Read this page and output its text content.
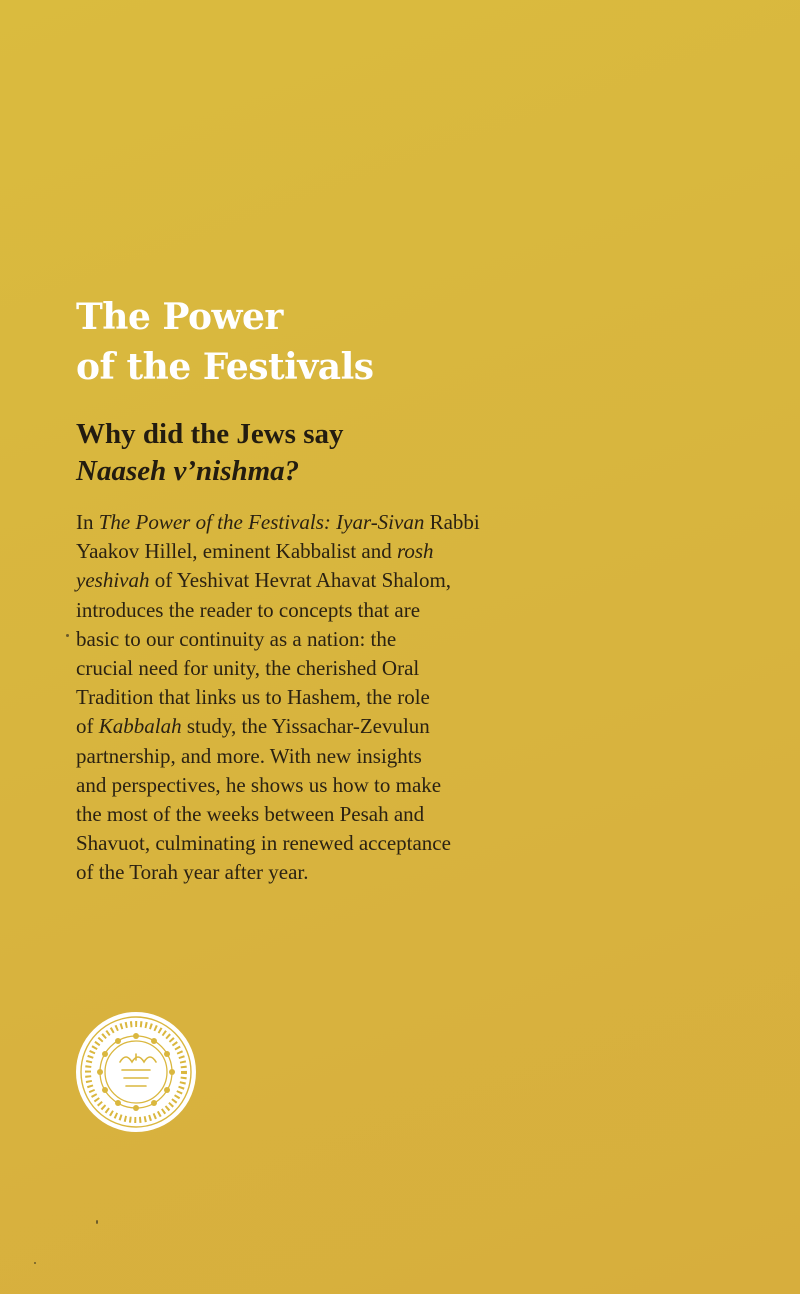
The Power
of the Festivals
Why did the Jews say
Naaseh v’nishma?
In The Power of the Festivals: Iyar-Sivan Rabbi
Yaakov Hillel, eminent Kabbalist and rosh
yeshivah of Yeshivat Hevrat Ahavat Shalom,
introduces the reader to concepts that are
basic to our continuity as a nation: the
crucial need for unity, the cherished Oral
Tradition that links us to Hashem, the role
of Kabbalah study, the Yissachar-Zevulun
partnership, and more. With new insights
and perspectives, he shows us how to make
the most of the weeks between Pesah and
Shavuot, culminating in renewed acceptance
of the Torah year after year.
